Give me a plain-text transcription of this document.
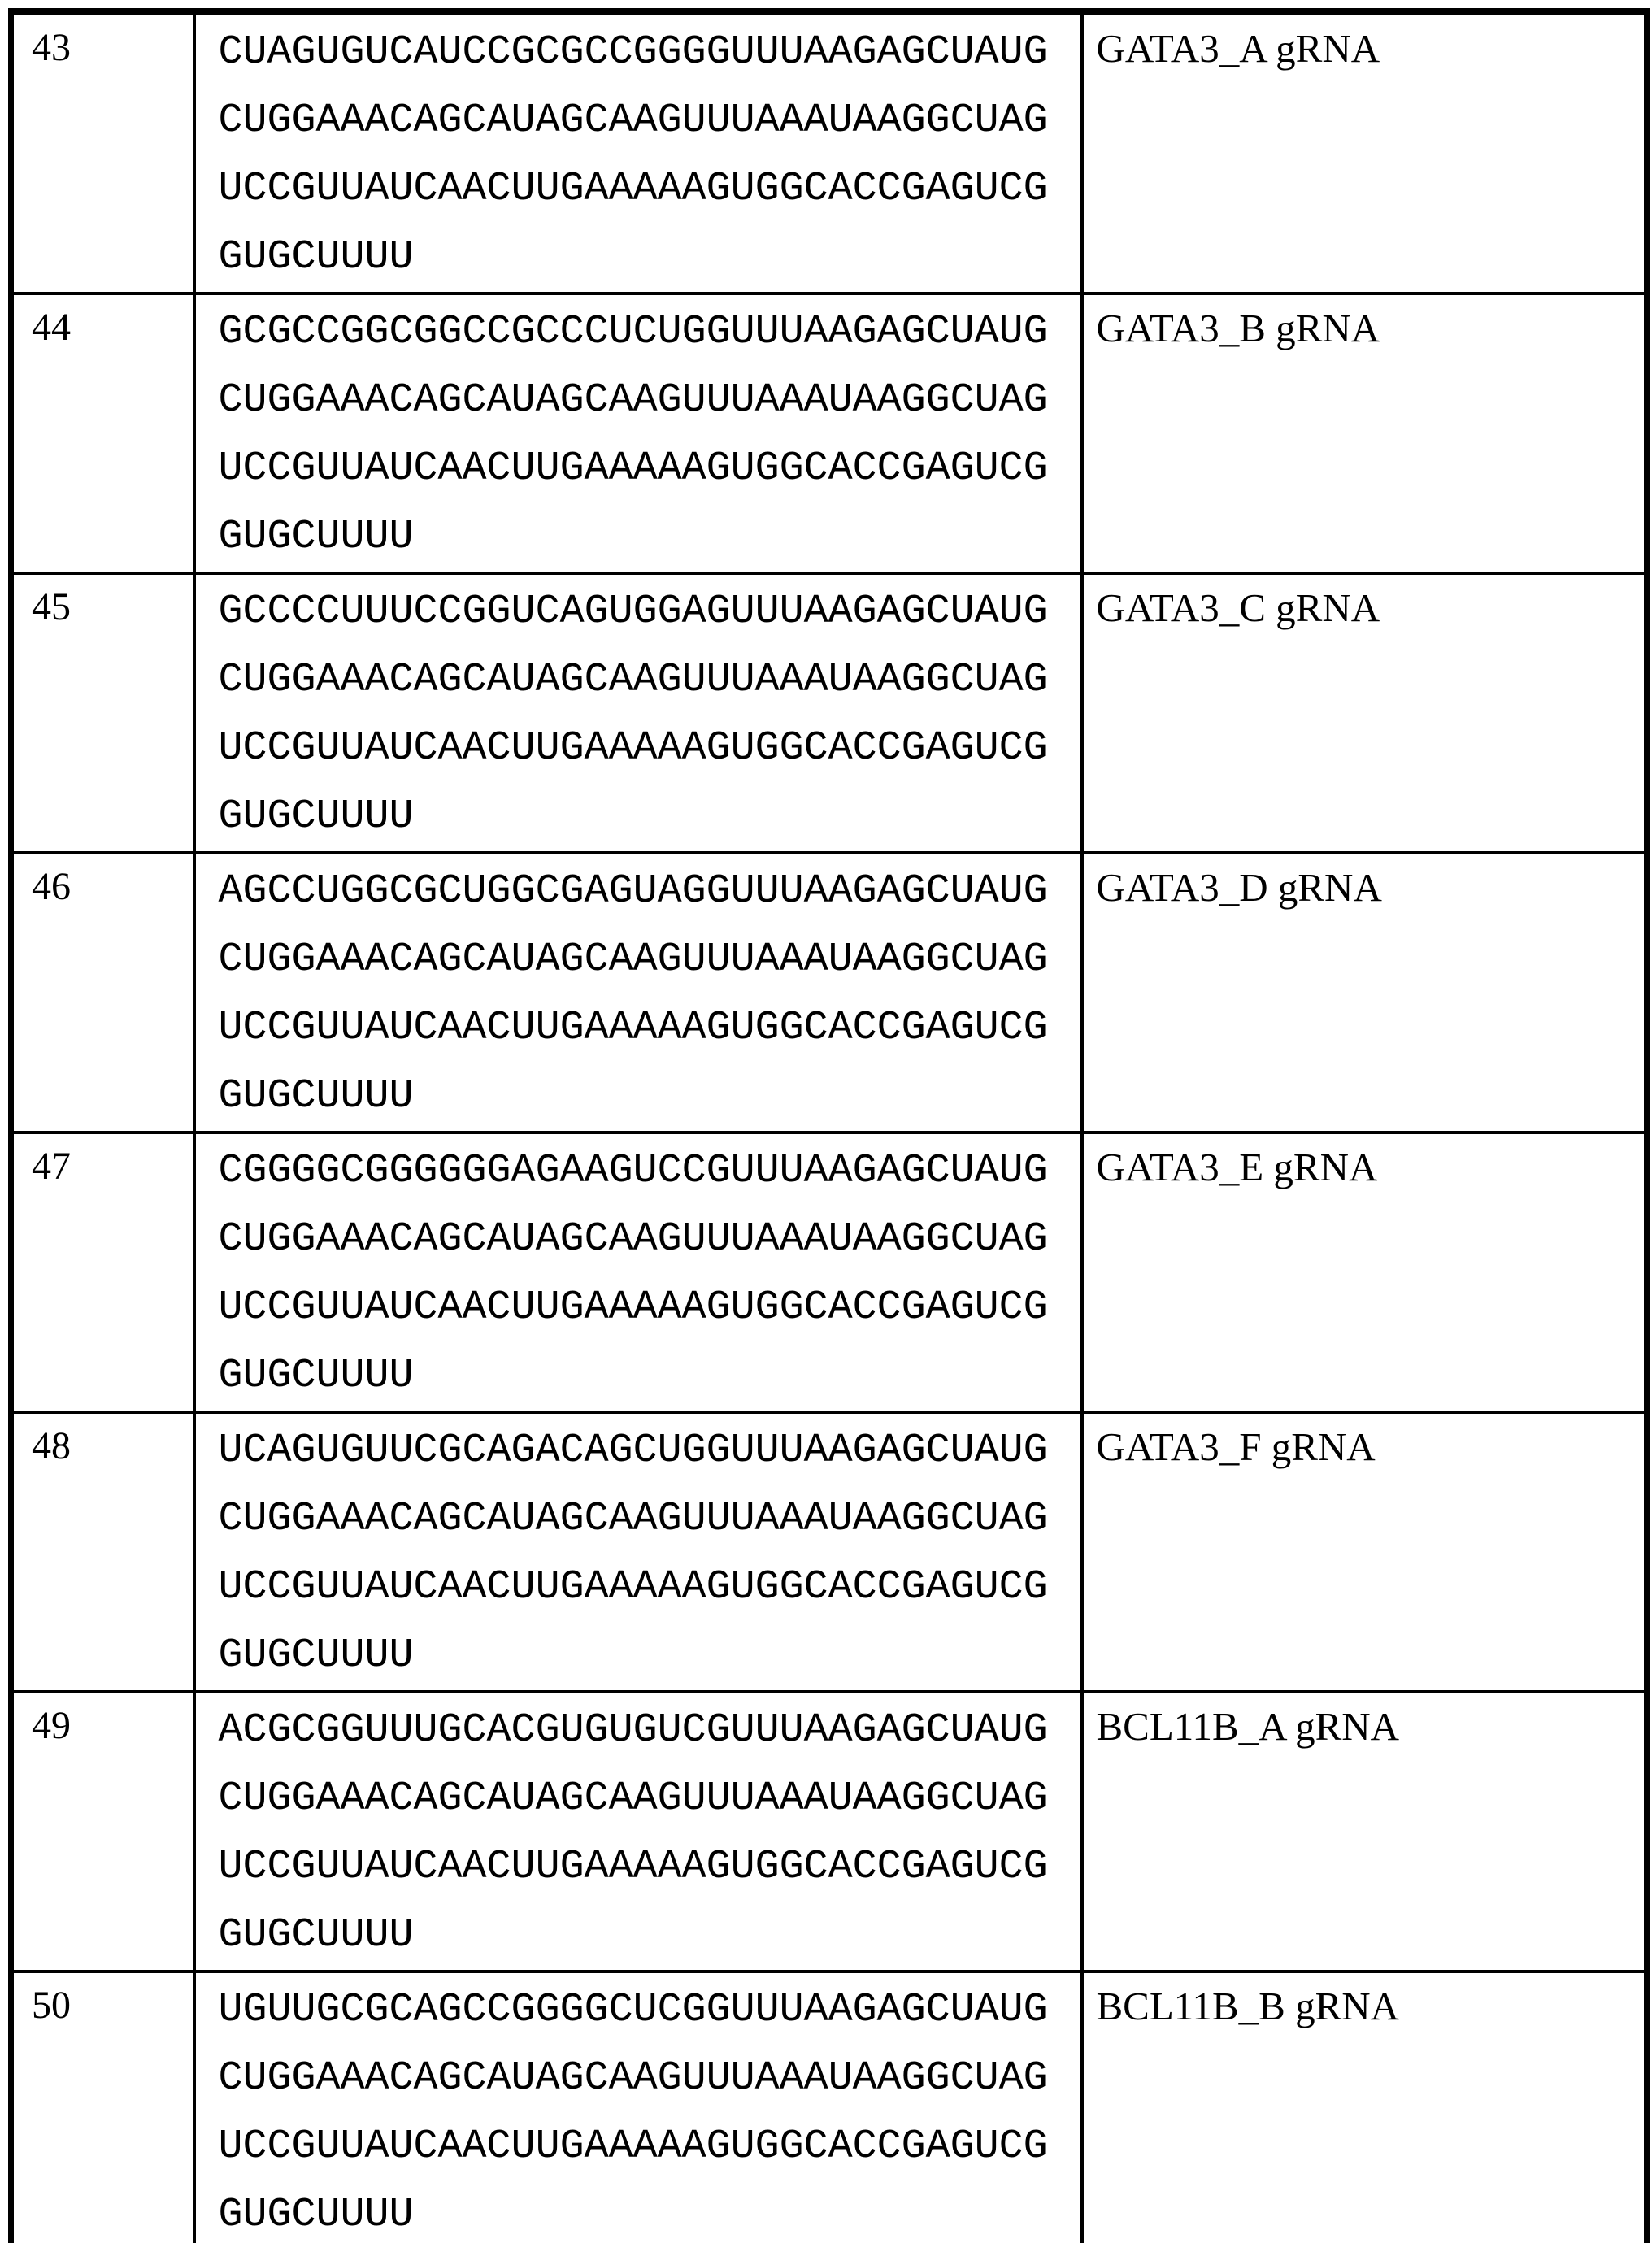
43	CUAGUGUCAUCCGCGCCGGGGUUUAAGAGCUAUG
CUGGAAACAGCAUAGCAAGUUUAAAUAAGGCUAG
UCCGUUAUCAACUUGAAAAAGUGGCACCGAGUCG
GUGCUUUU	GATA3_A gRNA
44	GCGCCGGCGGCCGCCCUCUGGUUUAAGAGCUAUG
CUGGAAACAGCAUAGCAAGUUUAAAUAAGGCUAG
UCCGUUAUCAACUUGAAAAAGUGGCACCGAGUCG
GUGCUUUU	GATA3_B gRNA
45	GCCCCUUUCCGGUCAGUGGAGUUUAAGAGCUAUG
CUGGAAACAGCAUAGCAAGUUUAAAUAAGGCUAG
UCCGUUAUCAACUUGAAAAAGUGGCACCGAGUCG
GUGCUUUU	GATA3_C gRNA
46	AGCCUGGCGCUGGCGAGUAGGUUUAAGAGCUAUG
CUGGAAACAGCAUAGCAAGUUUAAAUAAGGCUAG
UCCGUUAUCAACUUGAAAAAGUGGCACCGAGUCG
GUGCUUUU	GATA3_D gRNA
47	CGGGGCGGGGGGAGAAGUCCGUUUAAGAGCUAUG
CUGGAAACAGCAUAGCAAGUUUAAAUAAGGCUAG
UCCGUUAUCAACUUGAAAAAGUGGCACCGAGUCG
GUGCUUUU	GATA3_E gRNA
48	UCAGUGUUCGCAGACAGCUGGUUUAAGAGCUAUG
CUGGAAACAGCAUAGCAAGUUUAAAUAAGGCUAG
UCCGUUAUCAACUUGAAAAAGUGGCACCGAGUCG
GUGCUUUU	GATA3_F gRNA
49	ACGCGGUUUGCACGUGUGUCGUUUAAGAGCUAUG
CUGGAAACAGCAUAGCAAGUUUAAAUAAGGCUAG
UCCGUUAUCAACUUGAAAAAGUGGCACCGAGUCG
GUGCUUUU	BCL11B_A gRNA
50	UGUUGCGCAGCCGGGGCUCGGUUUAAGAGCUAUG
CUGGAAACAGCAUAGCAAGUUUAAAUAAGGCUAG
UCCGUUAUCAACUUGAAAAAGUGGCACCGAGUCG
GUGCUUUU	BCL11B_B gRNA
